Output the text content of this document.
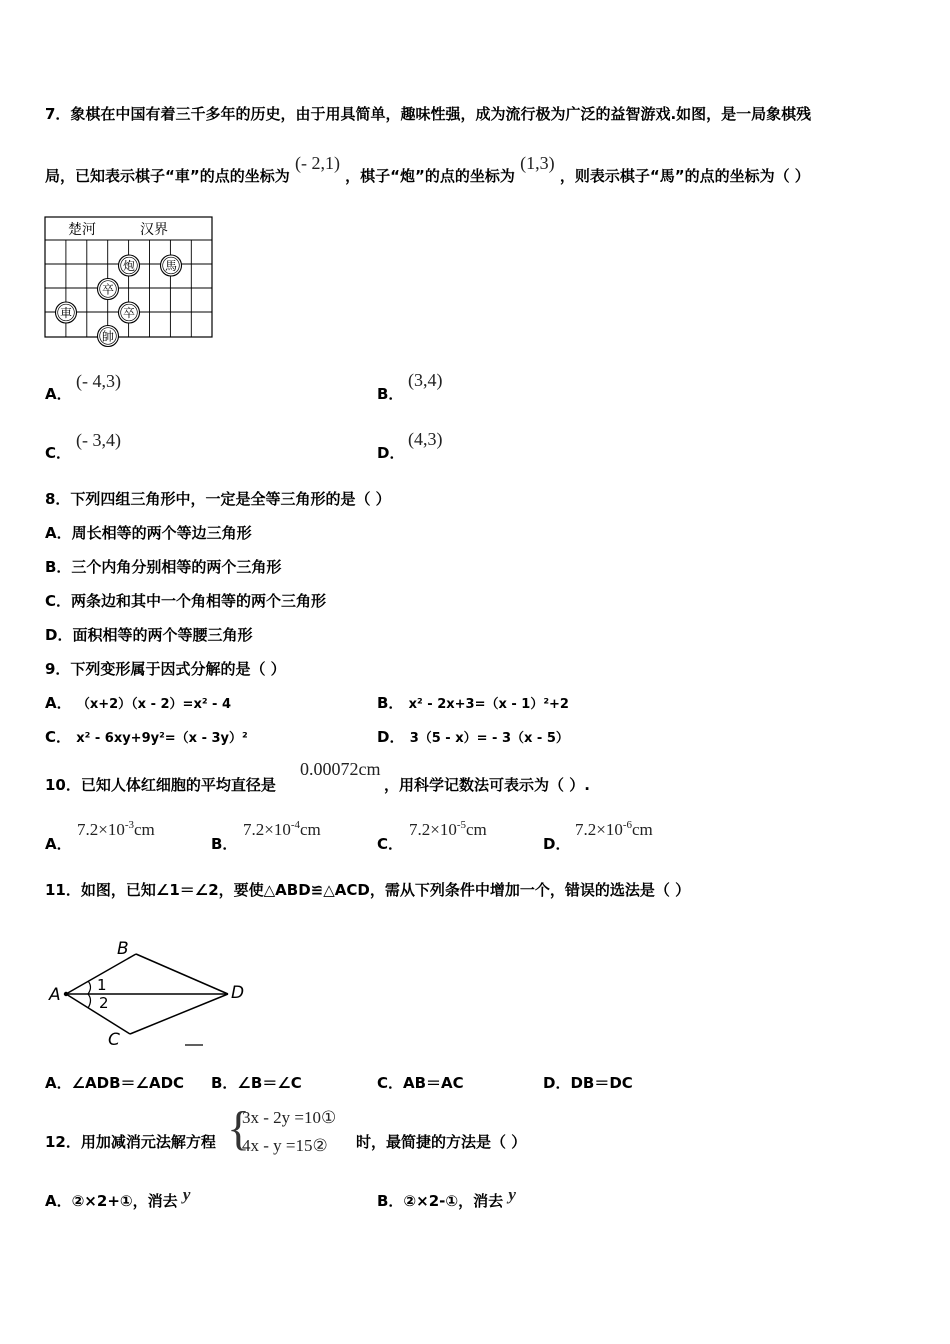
7．象棋在中国有着三千多年的历史，由于用具简单，趣味性强，成为流行极为广泛的益智游戏.如图，是一局象棋残
局，已知表示棋子“車”的点的坐标为 (- 2,1) ，棋子“炮”的点的坐标为 (1,3) ，则表示棋子“馬”的点的坐标为（ ）
楚河	汉界
炮 馬
卒
卒
車
帥
A．
(- 4,3)
B．
(3,4)
C．
(- 3,4)
D．
(4,3)
8．下列四组三角形中，一定是全等三角形的是（ ）
A．周长相等的两个等边三角形
B．三个内角分别相等的两个三角形
C．两条边和其中一个角相等的两个三角形
D．面积相等的两个等腰三角形
9．下列变形属于因式分解的是（ ）
A． （x+2）（x - 2）=x² - 4	B． x² - 2x+3=（x - 1）²+2
C． x² - 6xy+9y²=（x - 3y）²	D． 3（5 - x）= - 3（x - 5）
10．已知人体红细胞的平均直径是
0.00072cm
，用科学记数法可表示为（ ）.
A．
$7.2\times 10^{-3}cm$
B．
$7.2\times 10^{-4}cm$
C．
$7.2\times 10^{-5}cm$
D．
$7.2\times 10^{-6}cm$
11．如图，已知∠1＝∠2，要使△ABD≌△ACD，需从下列条件中增加一个，错误的选法是（ ）
A
B
C
D
1
2
A．∠ADB＝∠ADC B．∠B＝∠C	C．AB＝AC	D．DB＝DC
12．用加减消元法解方程 {
3x - 2y =10①
4x - y =15② 时，最简捷的方法是（ ）
A．②×2+①，消去 y	B．②×2-①，消去 y
